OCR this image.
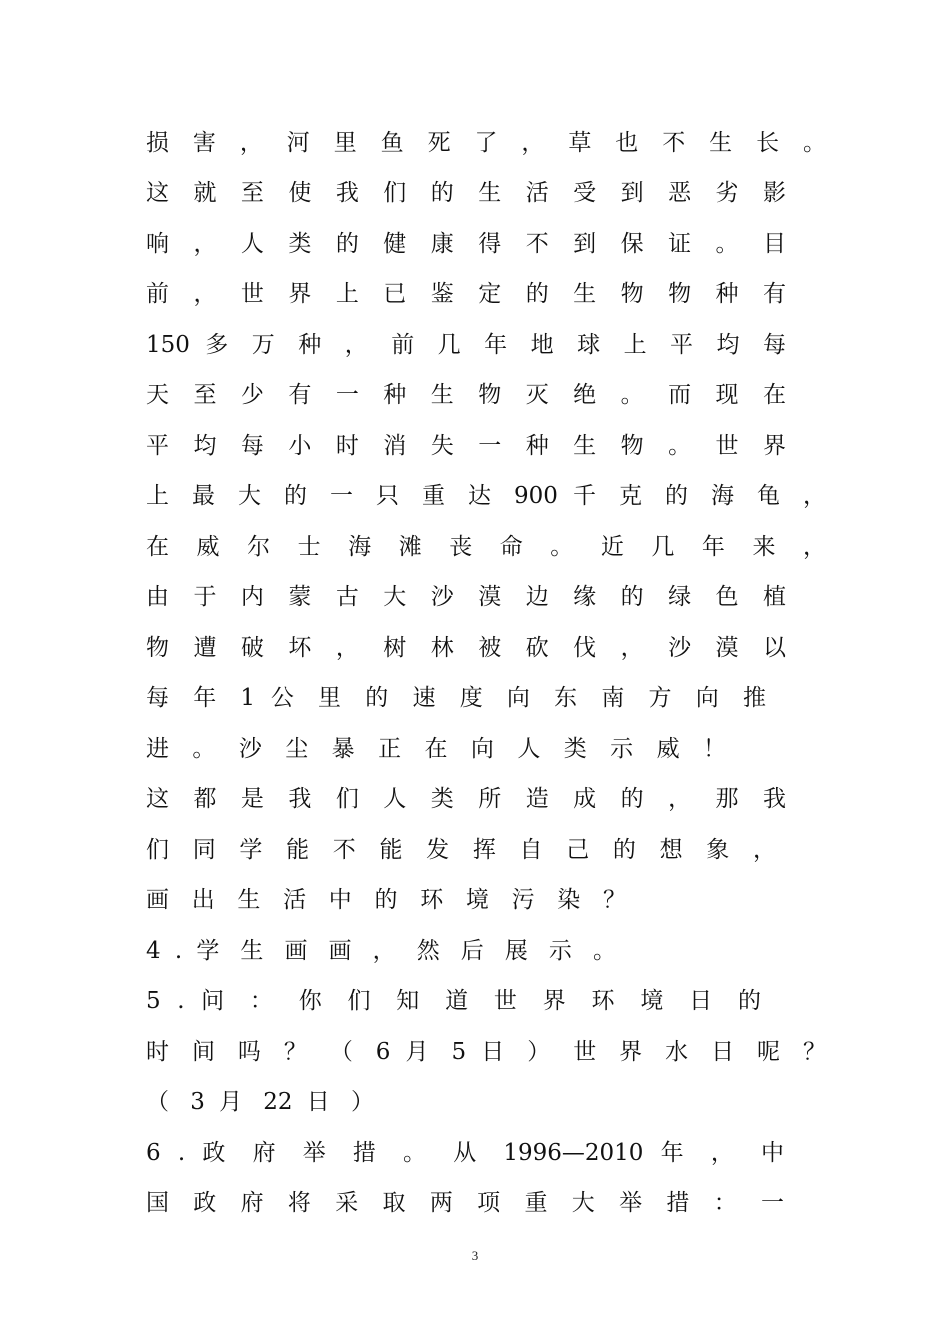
损 害 ， 河 里 鱼 死 了 ， 草 也 不 生 长 。
这 就 至 使 我 们 的 生 活 受 到 恶 劣 影
响 ， 人 类 的 健 康 得 不 到 保 证 。 目
前 ， 世 界 上 已 鉴 定 的 生 物 物 种 有
150 多 万 种 ， 前 几 年 地 球 上 平 均 每
天 至 少 有 一 种 生 物 灭 绝 。 而 现 在
平 均 每 小 时 消 失 一 种 生 物 。 世 界
上 最 大 的 一 只 重 达 900 千 克 的 海 龟 ，
在 威 尔 士 海 滩 丧 命 。 近 几 年 来 ，
由 于 内 蒙 古 大 沙 漠 边 缘 的 绿 色 植
物 遭 破 坏 ， 树 林 被 砍 伐 ， 沙 漠 以
每 年 1 公 里 的 速 度 向 东 南 方 向 推
进 。 沙 尘 暴 正 在 向 人 类 示 威 ！
这 都 是 我 们 人 类 所 造 成 的 ， 那 我
们 同 学 能 不 能 发 挥 自 己 的 想 象 ，
画 出 生 活 中 的 环 境 污 染 ？
4 . 学 生 画 画 ， 然 后 展 示 。
5 . 问 ： 你 们 知 道 世 界 环 境 日 的
时 间 吗 ？ （ 6 月 5 日 ） 世 界 水 日 呢 ？
（ 3 月 22 日 ）
6 . 政 府 举 措 。 从 1996—2010 年 ， 中
国 政 府 将 采 取 两 项 重 大 举 措 ： 一
3
